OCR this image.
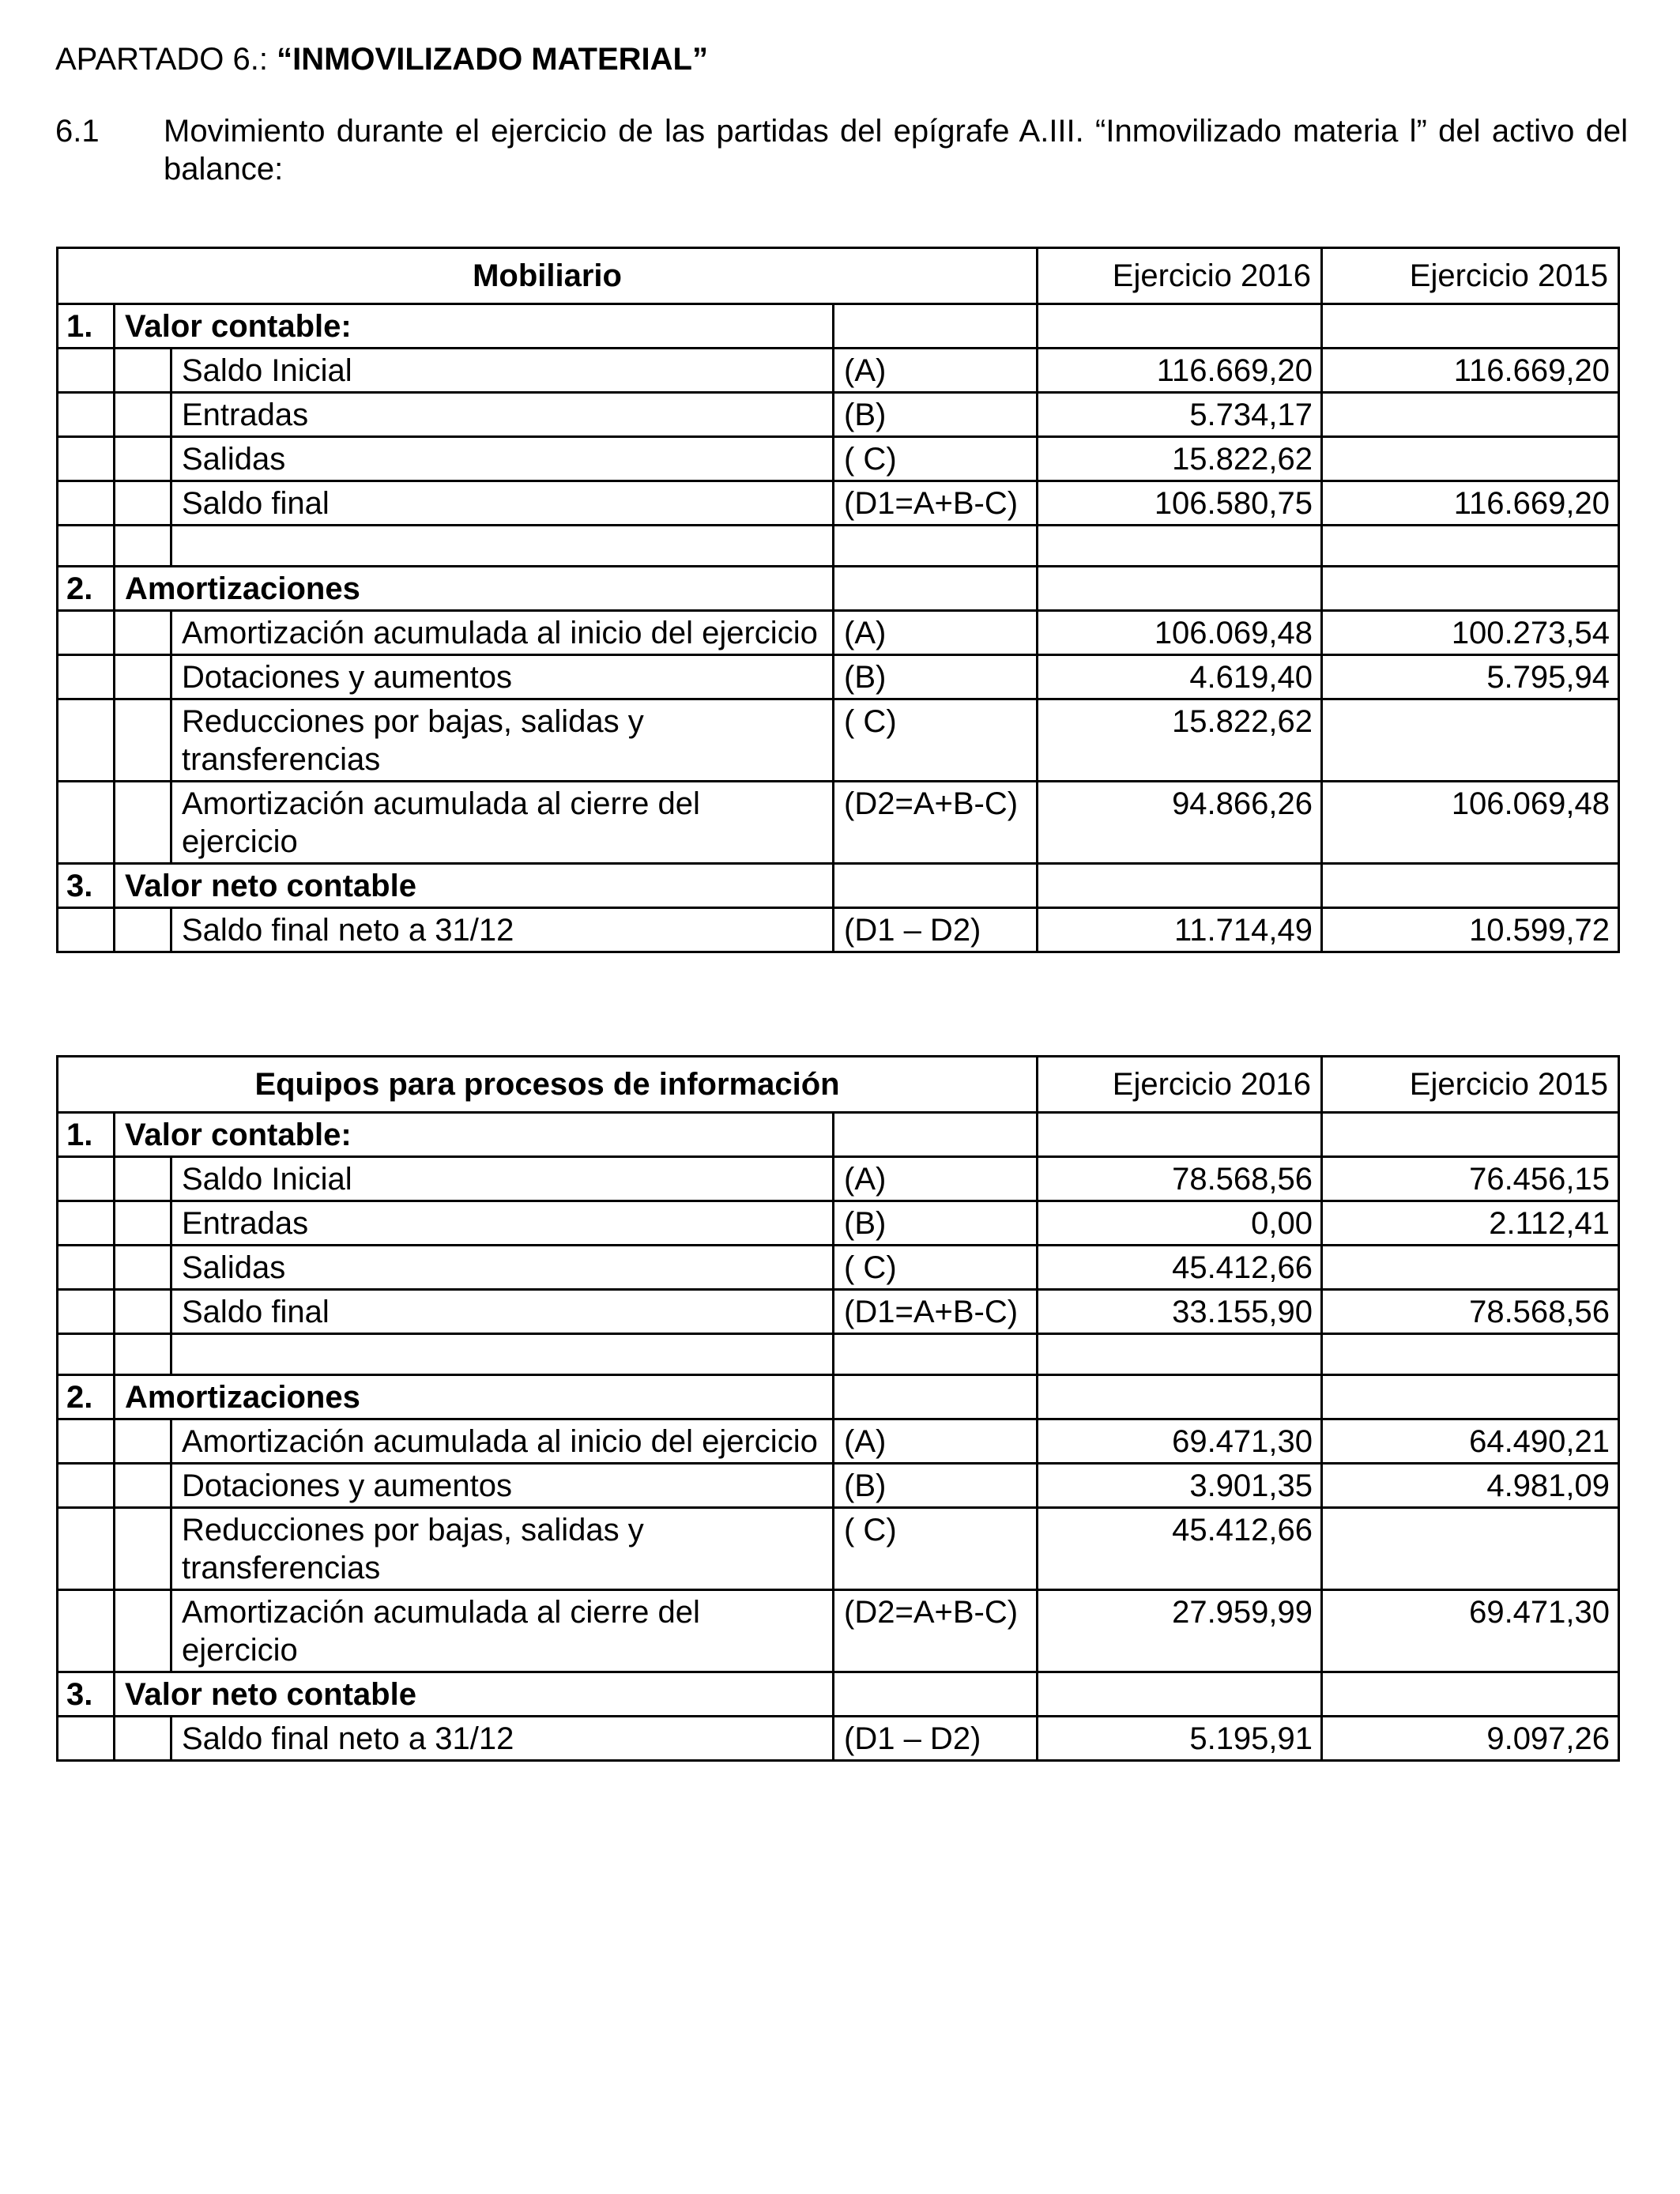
APARTADO 6.: “INMOVILIZADO MATERIAL”
6.1 Movimiento durante el ejercicio de las partidas del epígrafe A.III. “Inmovilizado materia l” del activo del balance:
Mobiliario				Ejercicio 2016	Ejercicio 2015
1.	Valor contable:				
		Saldo Inicial	(A)	116.669,20	116.669,20
		Entradas	(B)	5.734,17	
		Salidas	( C)	15.822,62	
		Saldo final	(D1=A+B-C)	106.580,75	116.669,20

2.	Amortizaciones				
		Amortización acumulada al inicio del ejercicio	(A)	106.069,48	100.273,54
		Dotaciones y aumentos	(B)	4.619,40	5.795,94
		Reducciones por bajas, salidas y transferencias	( C)	15.822,62	
		Amortización acumulada al cierre del ejercicio	(D2=A+B-C)	94.866,26	106.069,48
3.	Valor neto contable				
		Saldo final neto a 31/12	(D1 – D2)	11.714,49	10.599,72
Equipos para procesos de información				Ejercicio 2016	Ejercicio 2015
1.	Valor contable:				
		Saldo Inicial	(A)	78.568,56	76.456,15
		Entradas	(B)	0,00	2.112,41
		Salidas	( C)	45.412,66	
		Saldo final	(D1=A+B-C)	33.155,90	78.568,56

2.	Amortizaciones				
		Amortización acumulada al inicio del ejercicio	(A)	69.471,30	64.490,21
		Dotaciones y aumentos	(B)	3.901,35	4.981,09
		Reducciones por bajas, salidas y transferencias	( C)	45.412,66	
		Amortización acumulada al cierre del ejercicio	(D2=A+B-C)	27.959,99	69.471,30
3.	Valor neto contable				
		Saldo final neto a 31/12	(D1 – D2)	5.195,91	9.097,26
